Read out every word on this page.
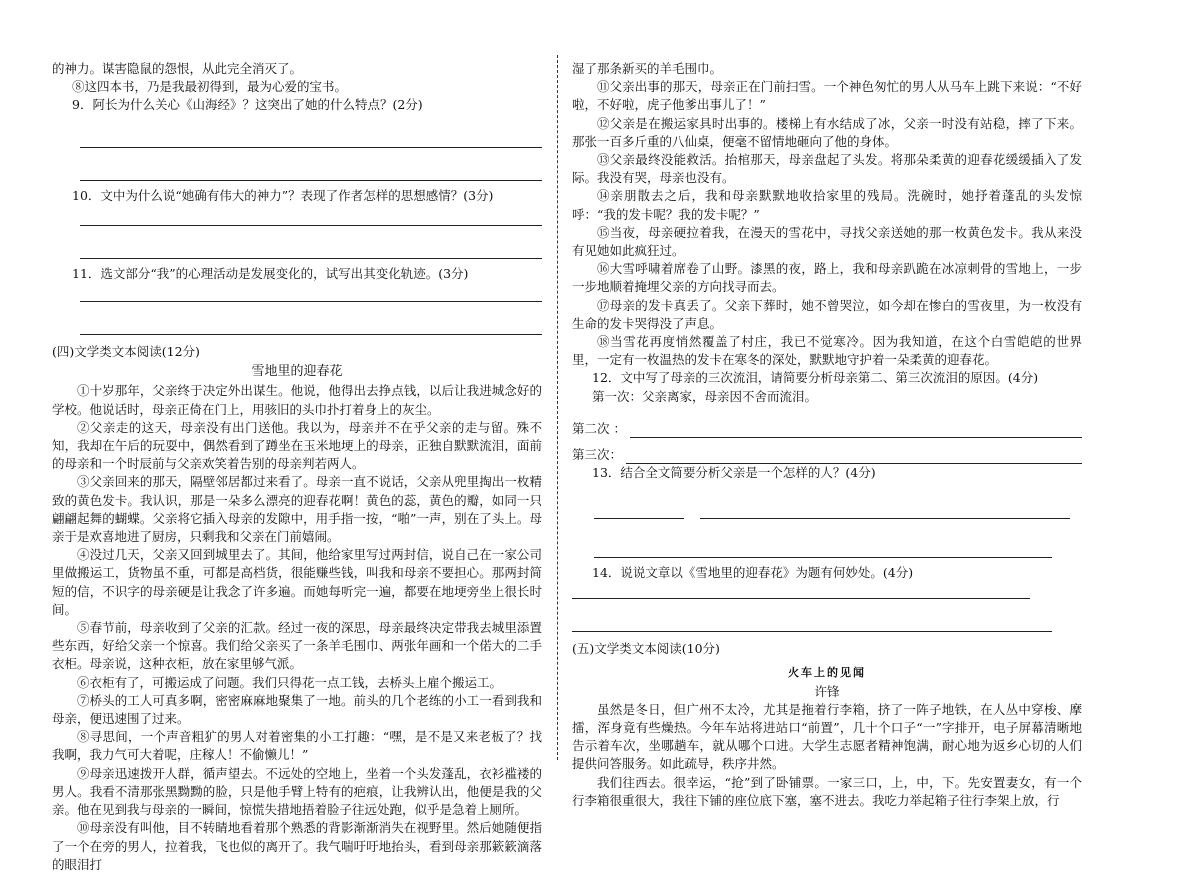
的神力。谋害隐鼠的怨恨，从此完全消灭了。

⑧这四本书，乃是我最初得到，最为心爱的宝书。

9．阿长为什么关心《山海经》？这突出了她的什么特点？(2分)

10．文中为什么说“她确有伟大的神力”？表现了作者怎样的思想感情？(3分)

11．选文部分“我”的心理活动是发展变化的，试写出其变化轨迹。(3分)

(四)文学类文本阅读(12分)

雪地里的迎春花

①十岁那年，父亲终于决定外出谋生。他说，他得出去挣点钱，以后让我进城念好的学校。他说话时，母亲正倚在门上，用骇旧的头巾扑打着身上的灰尘。

②父亲走的这天，母亲没有出门送他。我以为，母亲并不在乎父亲的走与留。殊不知，我却在午后的玩耍中，偶然看到了蹲坐在玉米地埂上的母亲，正独自默默流泪，面前的母亲和一个时辰前与父亲欢笑着告别的母亲判若两人。

③父亲回来的那天，隔壁邻居都过来看了。母亲一直不说话，父亲从兜里掏出一枚精致的黄色发卡。我认识，那是一朵多么漂亮的迎春花啊！黄色的蕊，黄色的瓣，如同一只翩翩起舞的蝴蝶。父亲将它插入母亲的发隙中，用手指一按，“啪”一声，别在了头上。母亲于是欢喜地进了厨房，只剩我和父亲在门前嬉闹。

④没过几天，父亲又回到城里去了。其间，他给家里写过两封信，说自己在一家公司里做搬运工，货物虽不重，可都是高档货，很能赚些钱，叫我和母亲不要担心。那两封简短的信，不识字的母亲硬是让我念了许多遍。而她每听完一遍，都要在地埂旁坐上很长时间。

⑤春节前，母亲收到了父亲的汇款。经过一夜的深思，母亲最终决定带我去城里添置些东西，好给父亲一个惊喜。我们给父亲买了一条羊毛围巾、两张年画和一个偌大的二手衣柜。母亲说，这种衣柜，放在家里够气派。

⑥衣柜有了，可搬运成了问题。我们只得花一点工钱，去桥头上雇个搬运工。

⑦桥头的工人可真多啊，密密麻麻地聚集了一地。前头的几个老练的小工一看到我和母亲，便迅速围了过来。

⑧寻思间，一个声音粗犷的男人对着密集的小工打趣：“嘿，是不是又来老板了？找我啊，我力气可大着呢，庄稼人！不偷懒儿！”

⑨母亲迅速拨开人群，循声望去。不远处的空地上，坐着一个头发蓬乱，衣衫褴褛的男人。我看不清那张黑黝黝的脸，只是他手臂上特有的疤痕，让我辨认出，他便是我的父亲。他在见到我与母亲的一瞬间，惊慌失措地捂着脸子往远处跑，似乎是急着上厕所。

⑩母亲没有叫他，目不转睛地看着那个熟悉的背影渐渐消失在视野里。然后她随便指了一个在旁的男人，拉着我，飞也似的离开了。我气喘吁吁地抬头，看到母亲那簌簌滴落的眼泪打

湿了那条新买的羊毛围巾。

⑪父亲出事的那天，母亲正在门前扫雪。一个神色匆忙的男人从马车上跳下来说：“不好啦，不好啦，虎子他爹出事儿了！”

⑫父亲是在搬运家具时出事的。楼梯上有水结成了冰，父亲一时没有站稳，摔了下来。那张一百多斤重的八仙桌，便毫不留情地砸向了他的身体。

⑬父亲最终没能救活。抬棺那天，母亲盘起了头发。将那朵柔黄的迎春花缓缓插入了发际。我没有哭，母亲也没有。

⑭亲朋散去之后，我和母亲默默地收拾家里的残局。洗碗时，她抒着蓬乱的头发惊呼：“我的发卡呢？我的发卡呢？”

⑮当夜，母亲硬拉着我，在漫天的雪花中，寻找父亲送她的那一枚黄色发卡。我从来没有见她如此疯狂过。

⑯大雪呼啸着席卷了山野。漆黑的夜，路上，我和母亲趴跪在冰凉刺骨的雪地上，一步一步地顺着掩埋父亲的方向找寻而去。

⑰母亲的发卡真丢了。父亲下葬时，她不曾哭泣，如今却在惨白的雪夜里，为一枚没有生命的发卡哭得没了声息。

⑱当雪花再度悄然覆盖了村庄，我已不觉寒冷。因为我知道，在这个白雪皑皑的世界里，一定有一枚温热的发卡在寒冬的深处，默默地守护着一朵柔黄的迎春花。

12．文中写了母亲的三次流泪，请简要分析母亲第二、第三次流泪的原因。(4分)

第一次：父亲离家，母亲因不舍而流泪。

第二次 ：
第三次：

13．结合全文简要分析父亲是一个怎样的人？(4分)

14．说说文章以《雪地里的迎春花》为题有何妙处。(4分)

(五)文学类文本阅读(10分)

火车上的见闻

许锋

虽然是冬日，但广州不太冷，尤其是拖着行李箱，挤了一阵子地铁，在人丛中穿梭、摩擂，浑身竟有些燥热。今年车站将进站口“前置”，几十个口子“一”字排开，电子屏幕清晰地告示着车次，坐哪趟车，就从哪个口进。大学生志愿者精神饱满，耐心地为返乡心切的人们提供问答服务。如此疏导，秩序井然。

我们往西去。很幸运，“抢”到了卧铺票。一家三口，上，中，下。先安置妻女，有一个行李箱很重很大，我往下铺的座位底下塞，塞不进去。我吃力举起箱子往行李架上放，行
